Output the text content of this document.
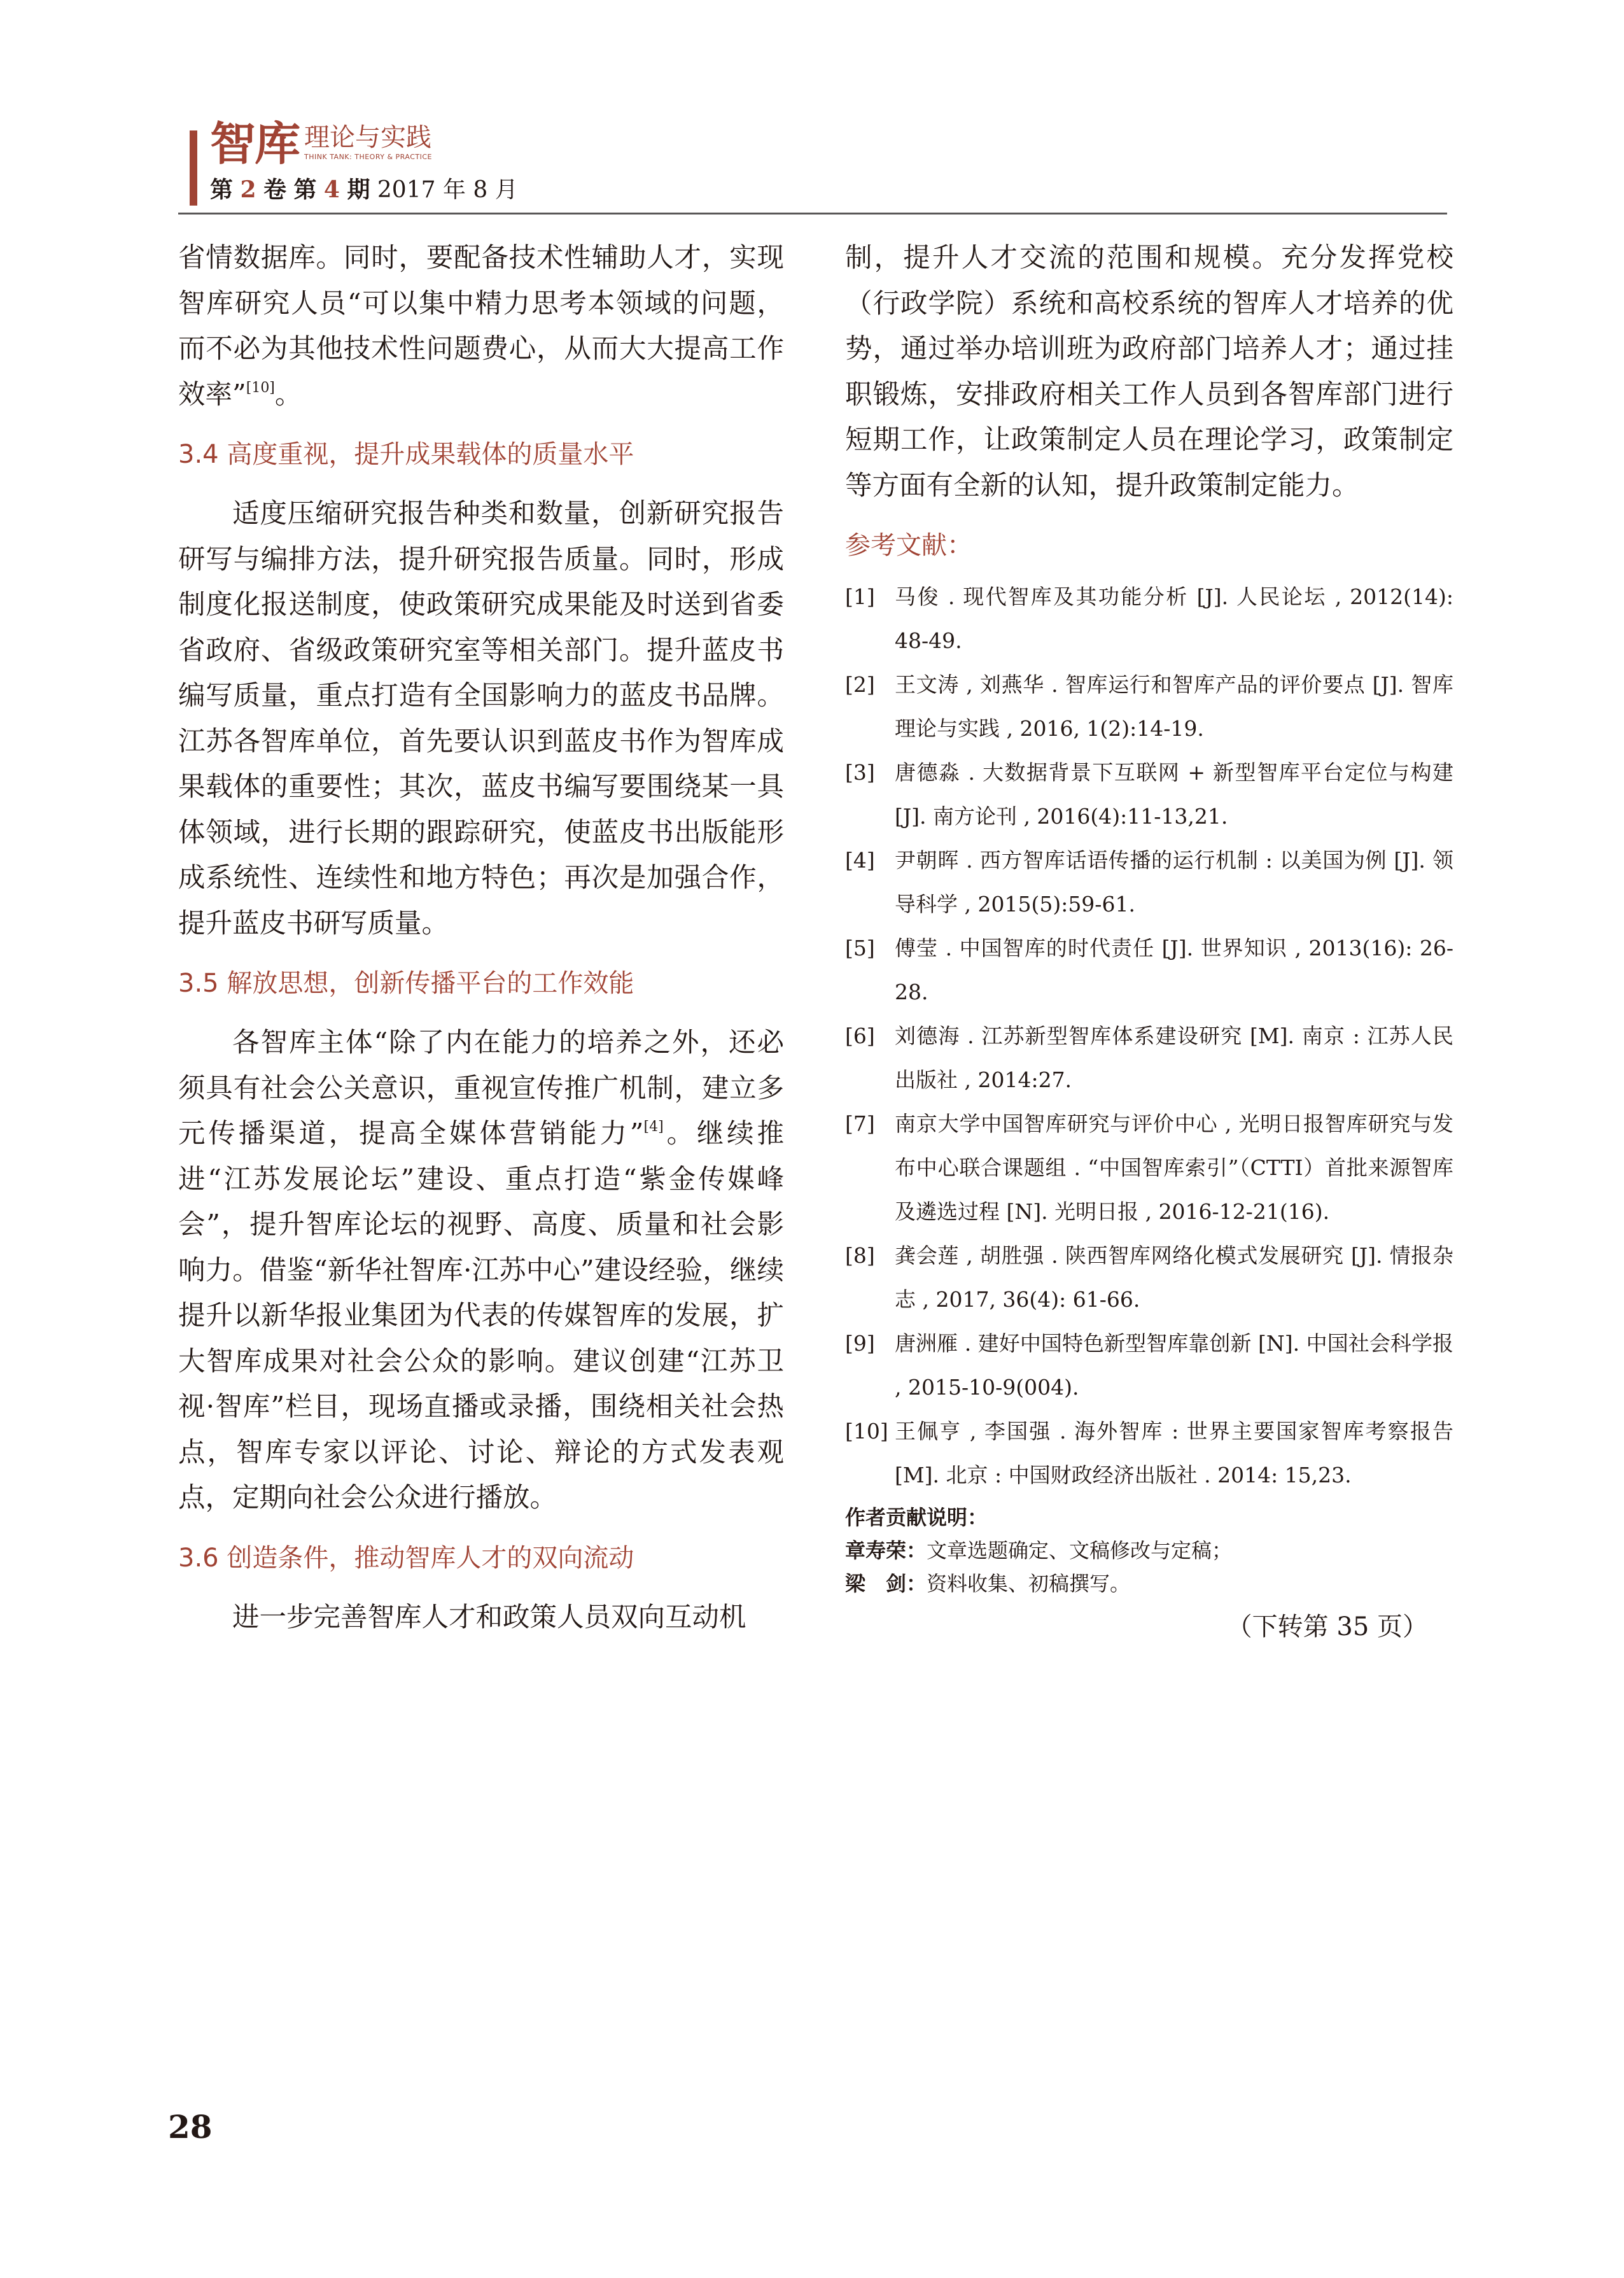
智库 理论与实践
THINK TANK: THEORY & PRACTICE
第 2 卷 第 4 期 2017 年 8 月

省情数据库。同时，要配备技术性辅助人才，实现智库研究人员“可以集中精力思考本领域的问题，而不必为其他技术性问题费心，从而大大提高工作效率”[10]。

3.4 高度重视，提升成果载体的质量水平

适度压缩研究报告种类和数量，创新研究报告研写与编排方法，提升研究报告质量。同时，形成制度化报送制度，使政策研究成果能及时送到省委省政府、省级政策研究室等相关部门。提升蓝皮书编写质量，重点打造有全国影响力的蓝皮书品牌。江苏各智库单位，首先要认识到蓝皮书作为智库成果载体的重要性；其次，蓝皮书编写要围绕某一具体领域，进行长期的跟踪研究，使蓝皮书出版能形成系统性、连续性和地方特色；再次是加强合作，提升蓝皮书研写质量。

3.5 解放思想，创新传播平台的工作效能

各智库主体“除了内在能力的培养之外，还必须具有社会公关意识，重视宣传推广机制，建立多元传播渠道，提高全媒体营销能力”[4]。继续推进“江苏发展论坛”建设、重点打造“紫金传媒峰会”，提升智库论坛的视野、高度、质量和社会影响力。借鉴“新华社智库·江苏中心”建设经验，继续提升以新华报业集团为代表的传媒智库的发展，扩大智库成果对社会公众的影响。建议创建“江苏卫视·智库”栏目，现场直播或录播，围绕相关社会热点，智库专家以评论、讨论、辩论的方式发表观点，定期向社会公众进行播放。

3.6 创造条件，推动智库人才的双向流动

进一步完善智库人才和政策人员双向互动机

制，提升人才交流的范围和规模。充分发挥党校（行政学院）系统和高校系统的智库人才培养的优势，通过举办培训班为政府部门培养人才；通过挂职锻炼，安排政府相关工作人员到各智库部门进行短期工作，让政策制定人员在理论学习，政策制定等方面有全新的认知，提升政策制定能力。

参考文献：
[1] 马俊 . 现代智库及其功能分析 [J]. 人民论坛 , 2012(14): 48-49.
[2] 王文涛 , 刘燕华 . 智库运行和智库产品的评价要点 [J]. 智库理论与实践 , 2016, 1(2):14-19.
[3] 唐德淼 . 大数据背景下互联网 + 新型智库平台定位与构建 [J]. 南方论刊 , 2016(4):11-13,21.
[4] 尹朝晖 . 西方智库话语传播的运行机制 : 以美国为例 [J]. 领导科学 , 2015(5):59-61.
[5] 傅莹 . 中国智库的时代责任 [J]. 世界知识 , 2013(16): 26-28.
[6] 刘德海 . 江苏新型智库体系建设研究 [M]. 南京 : 江苏人民出版社 , 2014:27.
[7] 南京大学中国智库研究与评价中心 , 光明日报智库研究与发布中心联合课题组 . “中国智库索引”（CTTI）首批来源智库及遴选过程 [N]. 光明日报 , 2016-12-21(16).
[8] 龚会莲 , 胡胜强 . 陕西智库网络化模式发展研究 [J]. 情报杂志 , 2017, 36(4): 61-66.
[9] 唐洲雁 . 建好中国特色新型智库靠创新 [N]. 中国社会科学报 , 2015-10-9(004).
[10] 王佩亨 , 李国强 . 海外智库 : 世界主要国家智库考察报告 [M]. 北京 : 中国财政经济出版社 . 2014: 15,23.
作者贡献说明：
章寿荣：文章选题确定、文稿修改与定稿；
梁　剑：资料收集、初稿撰写。
（下转第 35 页）
28
